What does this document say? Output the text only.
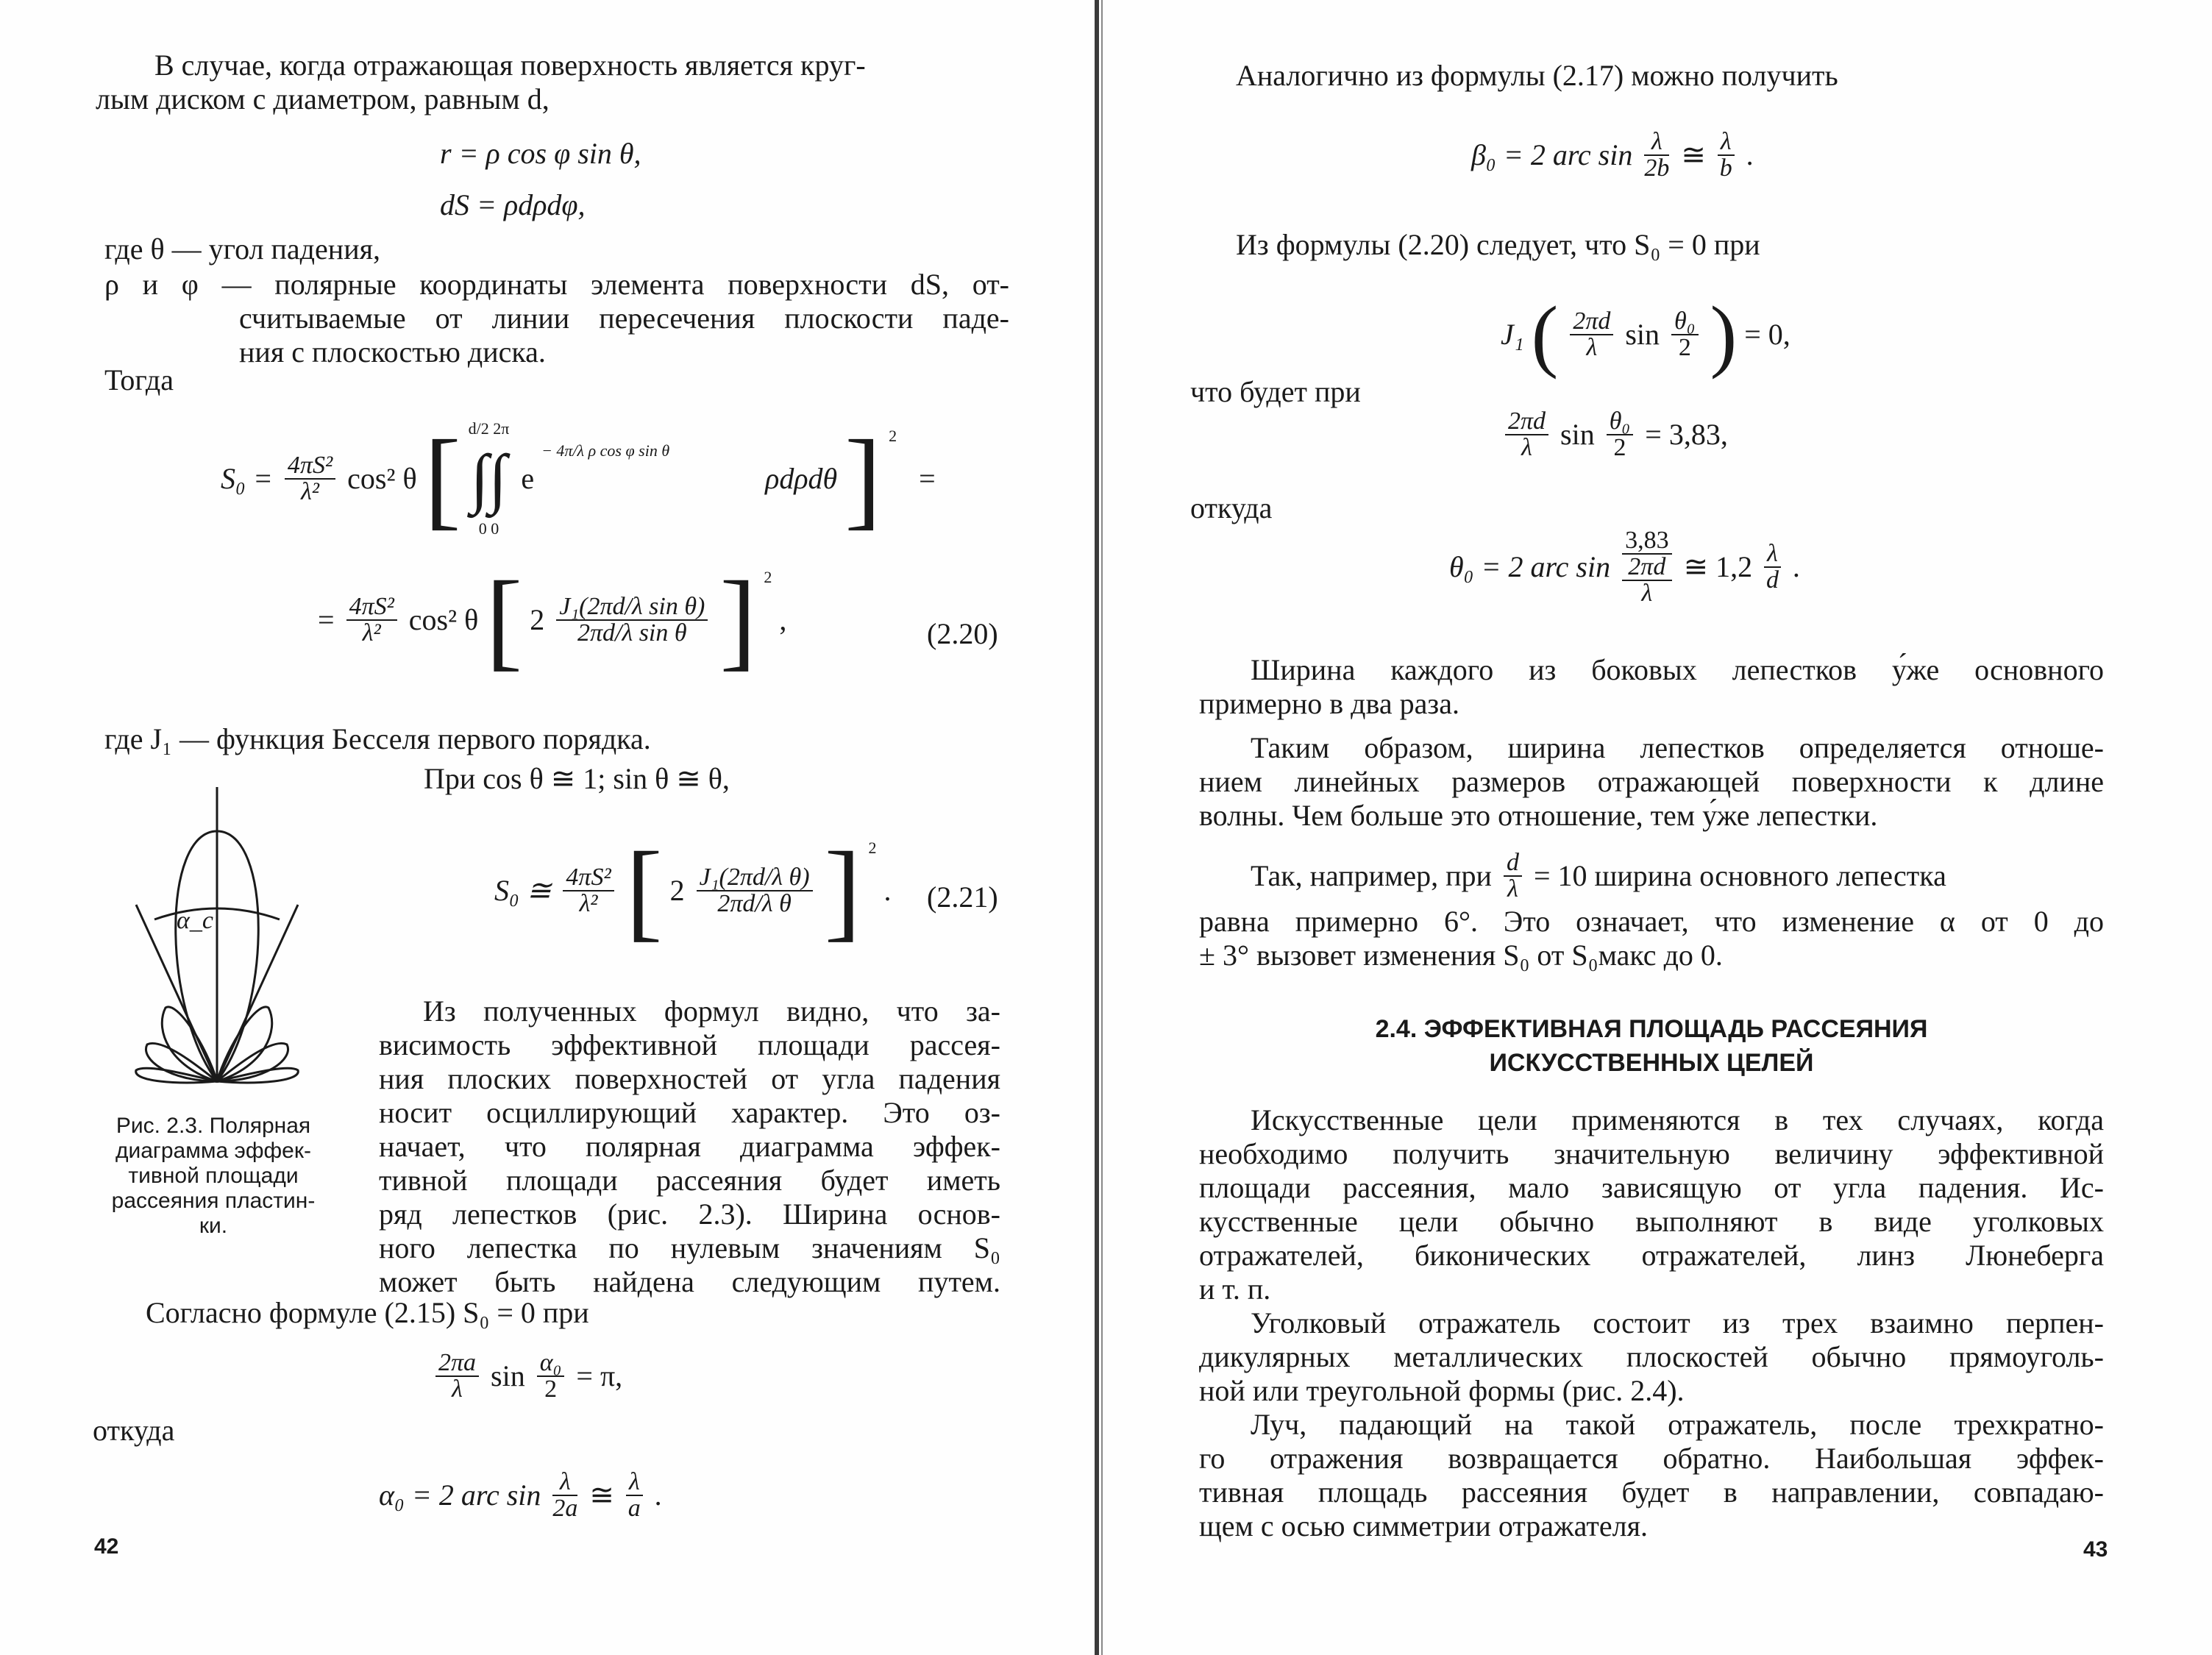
В случае, когда отражающая поверхность является круг-
лым диском с диаметром, равным d,
r = ρ cos φ sin θ,
dS = ρdρdφ,
где θ — угол падения,
ρ и φ — полярные координаты элемента поверхности dS, от-
считываемые от линии пересечения плоскости паде-
ния с плоскостью диска.
Тогда
$S_0 = \frac{\text{4πS²}}{\text{λ²}} \cos^2$ θ [ d/2 2π
∫∫
0 0
e $^{- 4\pi/\lambda \rho cos \varphi sin \theta}$ ρdρdθ ] $^2$ =
= $\frac{\text{4πS²}}{\text{λ²}} \cos^2$ θ [ $2 \frac{\text{J₁(2πd/λ sin θ)}}{\text{2πd/λ sin θ}}$ ] $^2$ ,	(2.20)
где J₁ — функция Бесселя первого порядка.
При cos θ ≅ 1; sin θ ≅ θ,
S₀ ≅ $\frac{\text{4πS²}}{\text{λ²}}$ [ $2 \frac{\text{J₁(2πd/λ θ)}}{\text{2πd/λ θ}}$ ] $^2$ . (2.21)
α_c
Рис. 2.3. Полярная
диаграмма эффек-
тивной площади
рассеяния пластин-
ки.
Из полученных формул видно, что за-
висимость эффективной площади рассея-
ния плоских поверхностей от угла падения
носит осциллирующий характер. Это оз-
начает, что полярная диаграмма эффек-
тивной площади рассеяния будет иметь
ряд лепестков (рис. 2.3). Ширина основ-
ного лепестка по нулевым значениям S₀
может быть найдена следующим путем.
Согласно формуле (2.15) S₀ = 0 при
$\frac{2\pi a}{\lambda}$ $\sin \frac{\text{α₀}}{2} = \pi$,
откуда
α₀ = 2 arc $\sin \frac{\lambda}{2a}$ ≅ $\frac{\lambda}{a}$ .
42
Аналогично из формулы (2.17) можно получить
β₀ = 2 arc $\sin \frac{\lambda}{2b}$ ≅ $\frac{\lambda}{b}$ .
Из формулы (2.20) следует, что S₀ = 0 при
J₁ ( $\frac{2\pi d}{\lambda}$ $\sin \frac{\text{θ₀}}{2}$ ) = 0,
что будет при
$\frac{2\pi d}{\lambda}$ $\sin \frac{\text{θ₀}}{2} = 3,83$,
откуда
θ₀ = 2 arc sin
3,83
2πd
λ
≅ $1,2 \frac{\lambda}{d}$ .
Ширина каждого из боковых лепестков у́же основного
примерно в два раза.
Таким образом, ширина лепестков определяется отноше-
нием линейных размеров отражающей поверхности к длине
волны. Чем больше это отношение, тем у́же лепестки.
Так, например, при $\frac{d}{\lambda} = 10$ ширина основного лепестка
равна примерно 6°. Это означает, что изменение α от 0 до
± 3° вызовет изменения S₀ от S₀макс до 0.
2.4. ЭФФЕКТИВНАЯ ПЛОЩАДЬ РАССЕЯНИЯ
ИСКУССТВЕННЫХ ЦЕЛЕЙ
Искусственные цели применяются в тех случаях, когда
необходимо получить значительную величину эффективной
площади рассеяния, мало зависящую от угла падения. Ис-
кусственные цели обычно выполняют в виде уголковых
отражателей, биконических отражателей, линз Люнеберга
и т. п.
Уголковый отражатель состоит из трех взаимно перпен-
дикулярных металлических плоскостей обычно прямоуголь-
ной или треугольной формы (рис. 2.4).
Луч, падающий на такой отражатель, после трехкратно-
го отражения возвращается обратно. Наибольшая эффек-
тивная площадь рассеяния будет в направлении, совпадаю-
щем с осью симметрии отражателя.
43
